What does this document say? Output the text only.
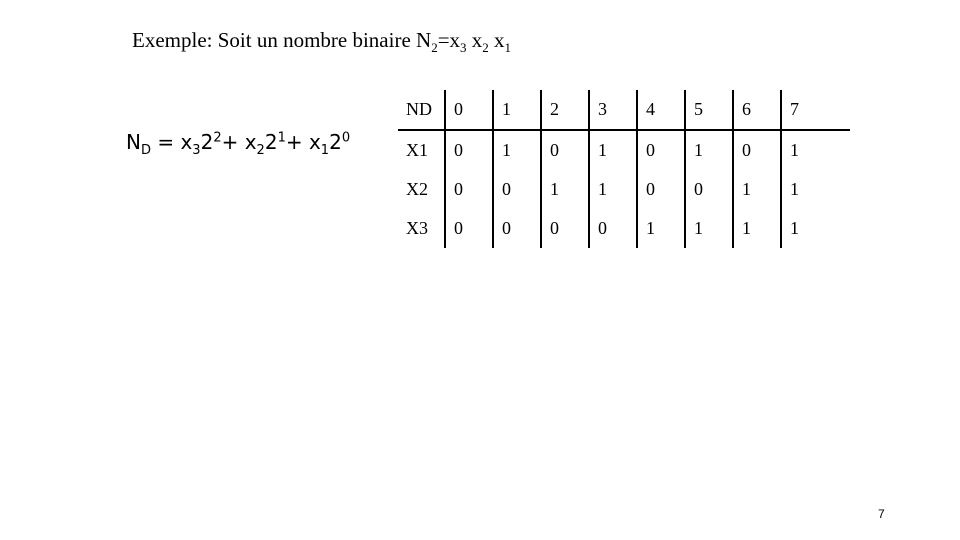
Exemple: Soit un nombre binaire $N_2=x_3$ $x_2$ $x_1$
$N_D = x_32^2+ x_22^1+ x_12^0$
ND	0	1	2	3	4	5	6	7
X1	0	1	0	1	0	1	0	1
X2	0	0	1	1	0	0	1	1
X3	0	0	0	0	1	1	1	1
7
